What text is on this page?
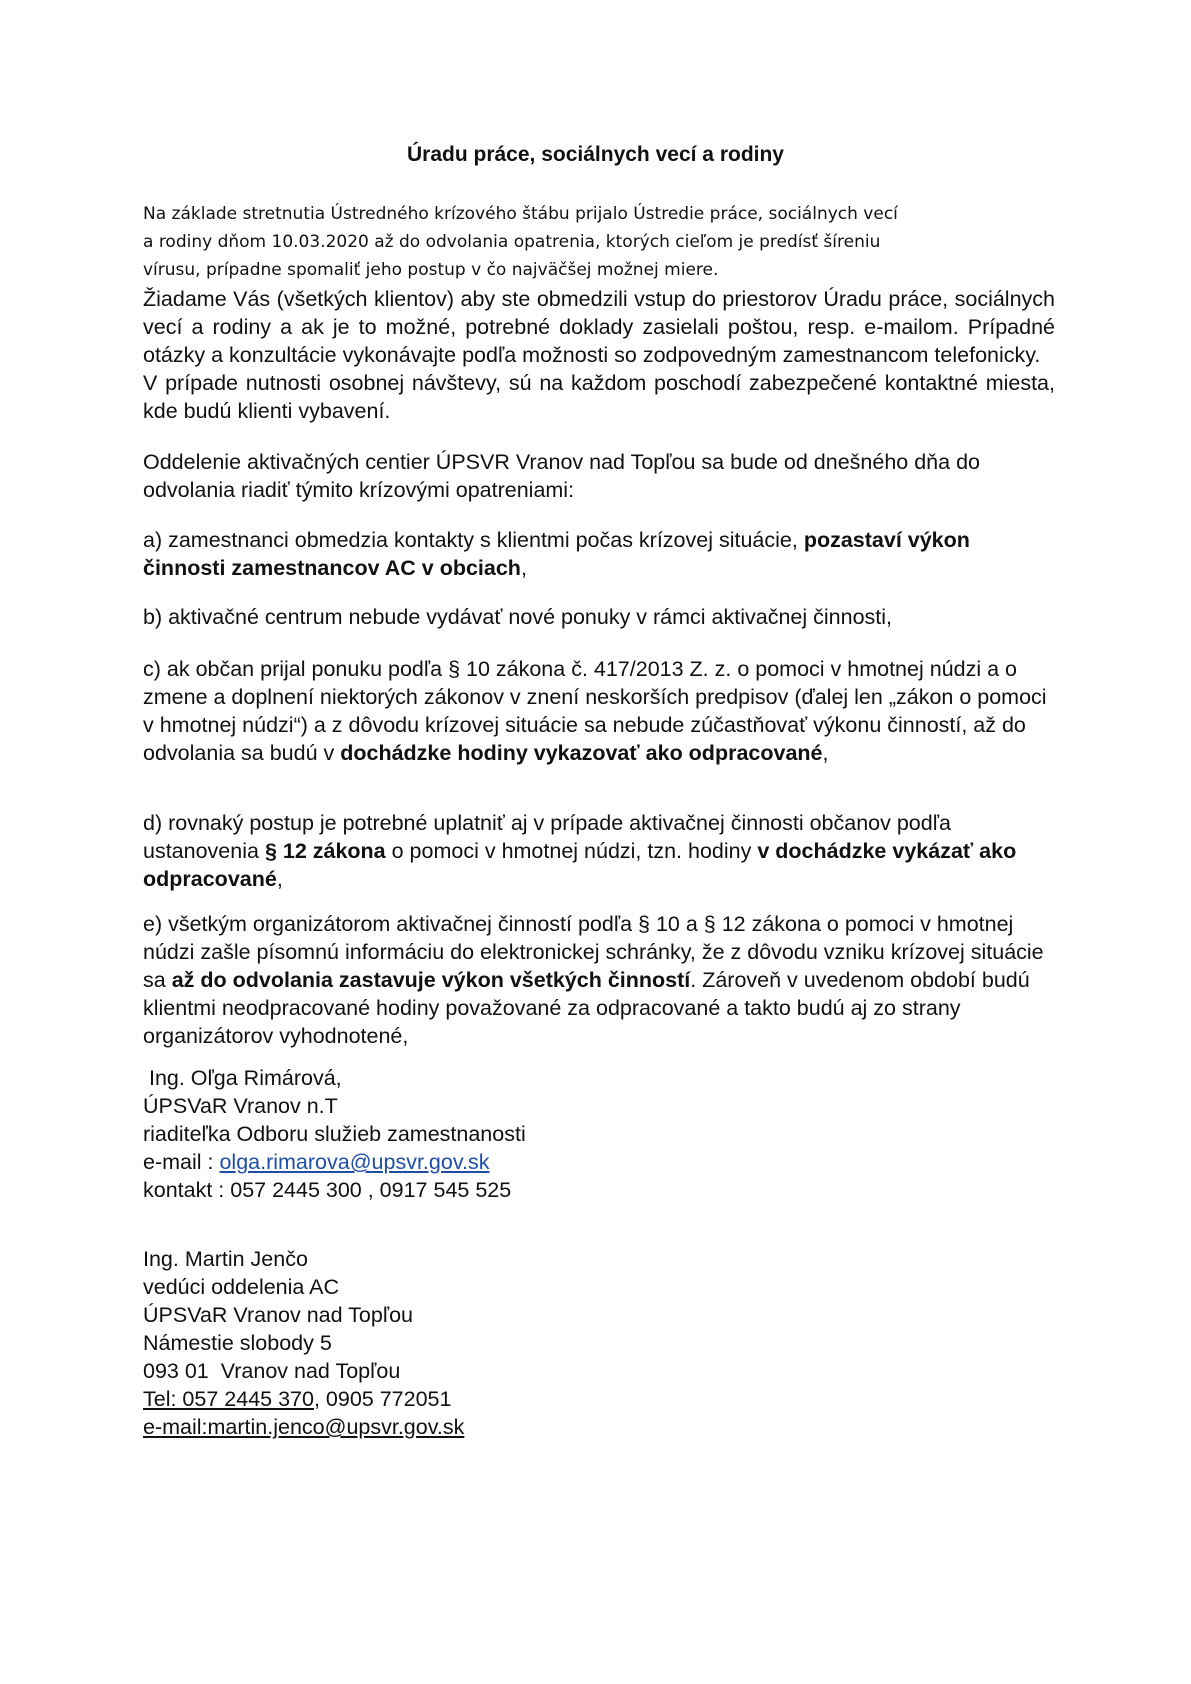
Úradu práce, sociálnych vecí a rodiny
Na základe stretnutia Ústredného krízového štábu prijalo Ústredie práce, sociálnych vecí
a rodiny dňom 10.03.2020 až do odvolania opatrenia, ktorých cieľom je predísť šíreniu
vírusu, prípadne spomaliť jeho postup v čo najväčšej možnej miere.
Žiadame Vás (všetkých klientov) aby ste obmedzili vstup do priestorov Úradu práce, sociálnych vecí a rodiny a ak je to možné, potrebné doklady zasielali poštou, resp. e-mailom. Prípadné otázky a konzultácie vykonávajte podľa možnosti so zodpovedným zamestnancom telefonicky.
V prípade nutnosti osobnej návštevy, sú na každom poschodí zabezpečené kontaktné miesta, kde budú klienti vybavení.
Oddelenie aktivačných centier ÚPSVR Vranov nad Topľou sa bude od dnešného dňa do odvolania riadiť týmito krízovými opatreniami:
a) zamestnanci obmedzia kontakty s klientmi počas krízovej situácie, pozastaví výkon činnosti zamestnancov AC v obciach,
b) aktivačné centrum nebude vydávať nové ponuky v rámci aktivačnej činnosti,
c) ak občan prijal ponuku podľa § 10 zákona č. 417/2013 Z. z. o pomoci v hmotnej núdzi a o zmene a doplnení niektorých zákonov v znení neskorších predpisov (ďalej len „zákon o pomoci v hmotnej núdzi“) a z dôvodu krízovej situácie sa nebude zúčastňovať výkonu činností, až do odvolania sa budú v dochádzke hodiny vykazovať ako odpracované,
d) rovnaký postup je potrebné uplatniť aj v prípade aktivačnej činnosti občanov podľa ustanovenia § 12 zákona o pomoci v hmotnej núdzi, tzn. hodiny v dochádzke vykázať ako odpracované,
e) všetkým organizátorom aktivačnej činností podľa § 10 a § 12 zákona o pomoci v hmotnej núdzi zašle písomnú informáciu do elektronickej schránky, že z dôvodu vzniku krízovej situácie sa až do odvolania zastavuje výkon všetkých činností. Zároveň v uvedenom období budú klientmi neodpracované hodiny považované za odpracované a takto budú aj zo strany organizátorov vyhodnotené,
Ing. Oľga Rimárová,
ÚPSVaR Vranov n.T
riaditeľka Odboru služieb zamestnanosti
e-mail : olga.rimarova@upsvr.gov.sk
kontakt : 057 2445 300 , 0917 545 525
Ing. Martin Jenčo
vedúci oddelenia AC
ÚPSVaR Vranov nad Topľou
Námestie slobody 5
093 01  Vranov nad Topľou
Tel: 057 2445 370, 0905 772051
e-mail:martin.jenco@upsvr.gov.sk
